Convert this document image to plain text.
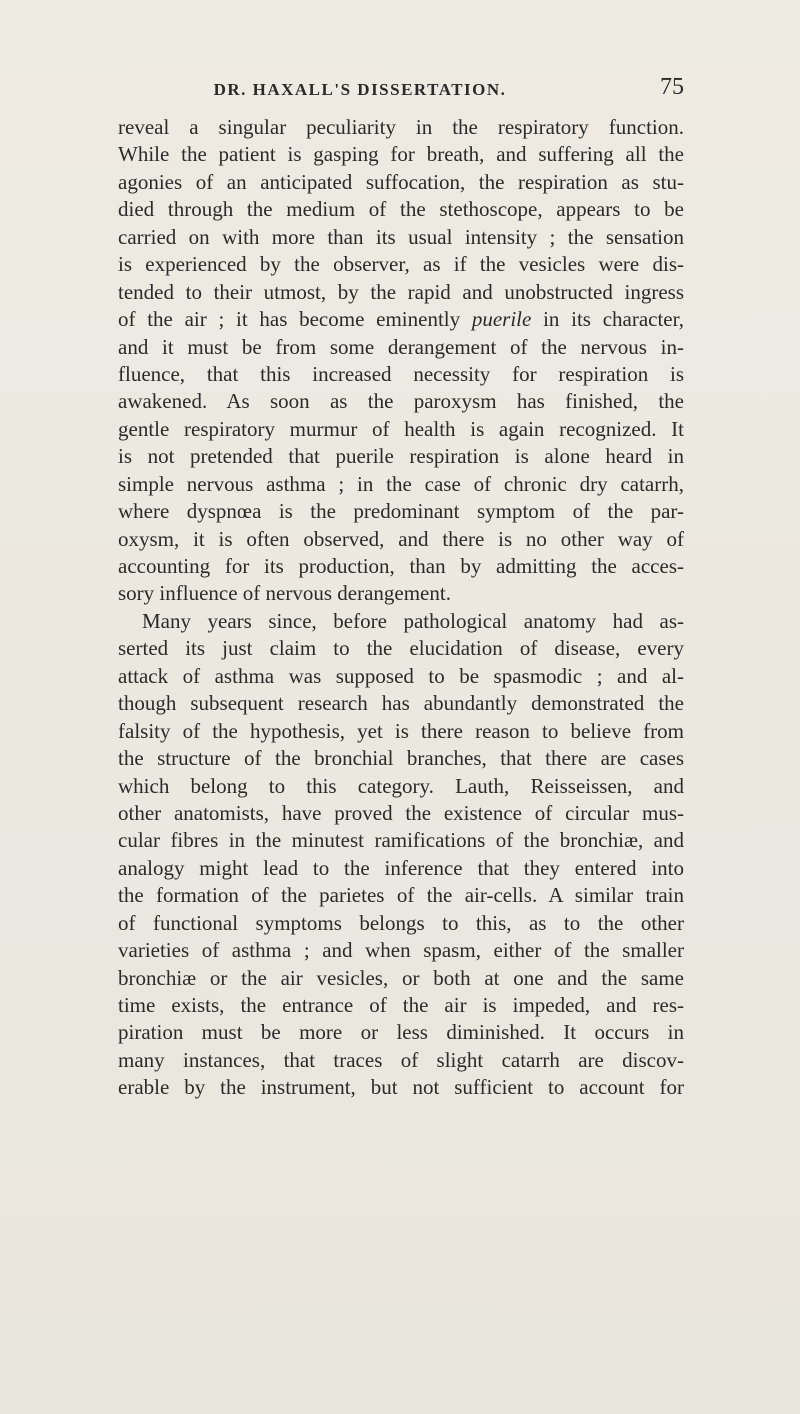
DR. HAXALL'S DISSERTATION.	75
reveal a singular peculiarity in the respiratory function.
While the patient is gasping for breath, and suffering all the
agonies of an anticipated suffocation, the respiration as stu-
died through the medium of the stethoscope, appears to be
carried on with more than its usual intensity ; the sensation
is experienced by the observer, as if the vesicles were dis-
tended to their utmost, by the rapid and unobstructed ingress
of the air ; it has become eminently puerile in its character,
and it must be from some derangement of the nervous in-
fluence, that this increased necessity for respiration is
awakened. As soon as the paroxysm has finished, the
gentle respiratory murmur of health is again recognized. It
is not pretended that puerile respiration is alone heard in
simple nervous asthma ; in the case of chronic dry catarrh,
where dyspnœa is the predominant symptom of the par-
oxysm, it is often observed, and there is no other way of
accounting for its production, than by admitting the acces-
sory influence of nervous derangement.
Many years since, before pathological anatomy had as-
serted its just claim to the elucidation of disease, every
attack of asthma was supposed to be spasmodic ; and al-
though subsequent research has abundantly demonstrated the
falsity of the hypothesis, yet is there reason to believe from
the structure of the bronchial branches, that there are cases
which belong to this category. Lauth, Reisseissen, and
other anatomists, have proved the existence of circular mus-
cular fibres in the minutest ramifications of the bronchiæ, and
analogy might lead to the inference that they entered into
the formation of the parietes of the air-cells. A similar train
of functional symptoms belongs to this, as to the other
varieties of asthma ; and when spasm, either of the smaller
bronchiæ or the air vesicles, or both at one and the same
time exists, the entrance of the air is impeded, and res-
piration must be more or less diminished. It occurs in
many instances, that traces of slight catarrh are discov-
erable by the instrument, but not sufficient to account for
